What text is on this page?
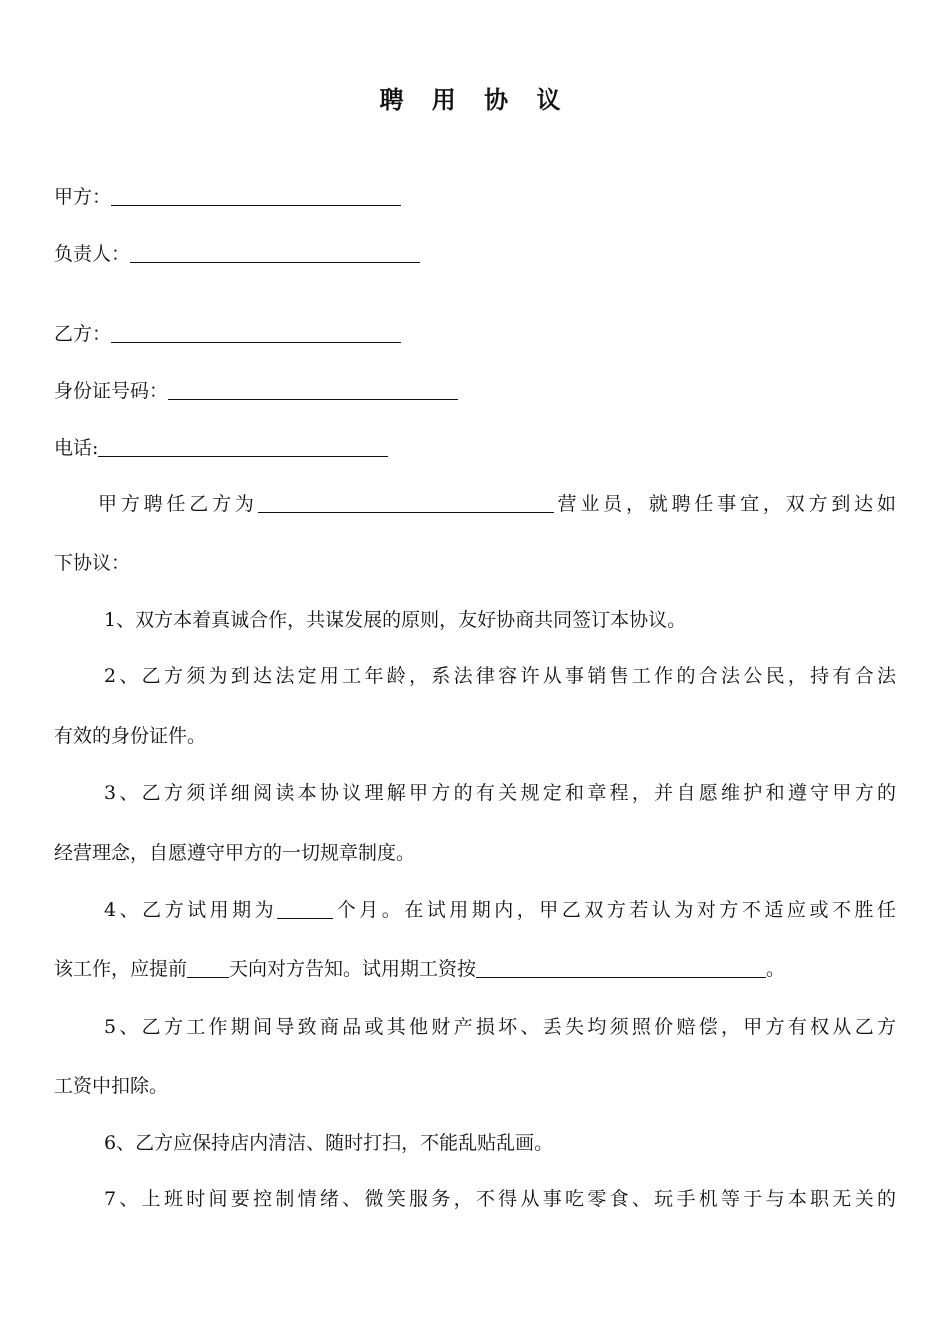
聘 用 协 议
甲方：
负责人：
乙方：
身份证号码：
电话:
甲方聘任乙方为	营业员，就聘任事宜，双方到达如
下协议：
1、双方本着真诚合作，共谋发展的原则，友好协商共同签订本协议。
2、乙方须为到达法定用工年龄，系法律容许从事销售工作的合法公民，持有合法
有效的身份证件。
3、乙方须详细阅读本协议理解甲方的有关规定和章程，并自愿维护和遵守甲方的
经营理念，自愿遵守甲方的一切规章制度。
4、乙方试用期为	个月。在试用期内，甲乙双方若认为对方不适应或不胜任
该工作，应提前 天向对方告知。试用期工资按	。
5、乙方工作期间导致商品或其他财产损坏、丢失均须照价赔偿，甲方有权从乙方
工资中扣除。
6、乙方应保持店内清洁、随时打扫，不能乱贴乱画。
7、上班时间要控制情绪、微笑服务，不得从事吃零食、玩手机等于与本职无关的
